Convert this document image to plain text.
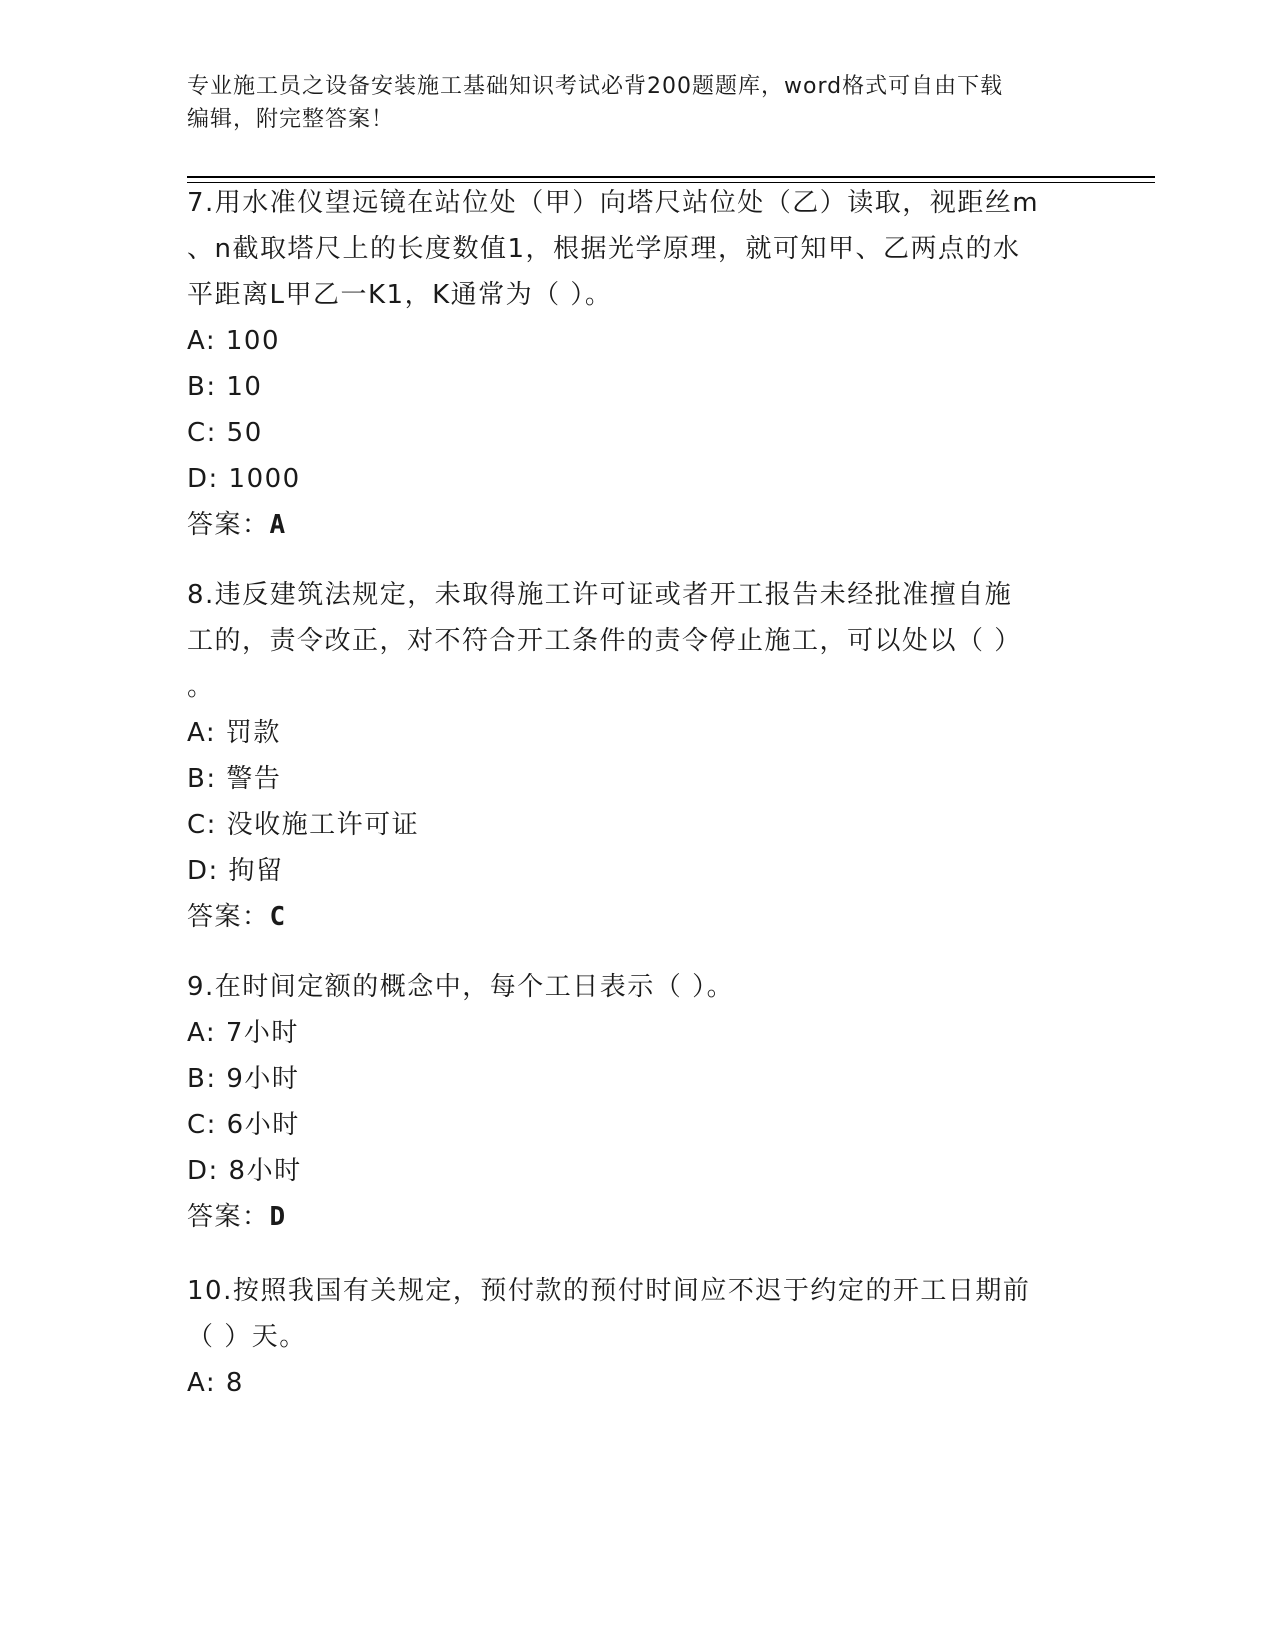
专业施工员之设备安装施工基础知识考试必背200题题库，word格式可自由下载
编辑，附完整答案！
7.用水准仪望远镜在站位处（甲）向塔尺站位处（乙）读取，视距丝m
、n截取塔尺上的长度数值1，根据光学原理，就可知甲、乙两点的水
平距离L甲乙一K1，K通常为（ ）。
A: 100
B: 10
C: 50
D: 1000
答案：A
8.违反建筑法规定，未取得施工许可证或者开工报告未经批准擅自施
工的，责令改正，对不符合开工条件的责令停止施工，可以处以（ ）
。
A: 罚款
B: 警告
C: 没收施工许可证
D: 拘留
答案：C
9.在时间定额的概念中，每个工日表示（ ）。
A: 7小时
B: 9小时
C: 6小时
D: 8小时
答案：D
10.按照我国有关规定，预付款的预付时间应不迟于约定的开工日期前
（ ）天。
A: 8
